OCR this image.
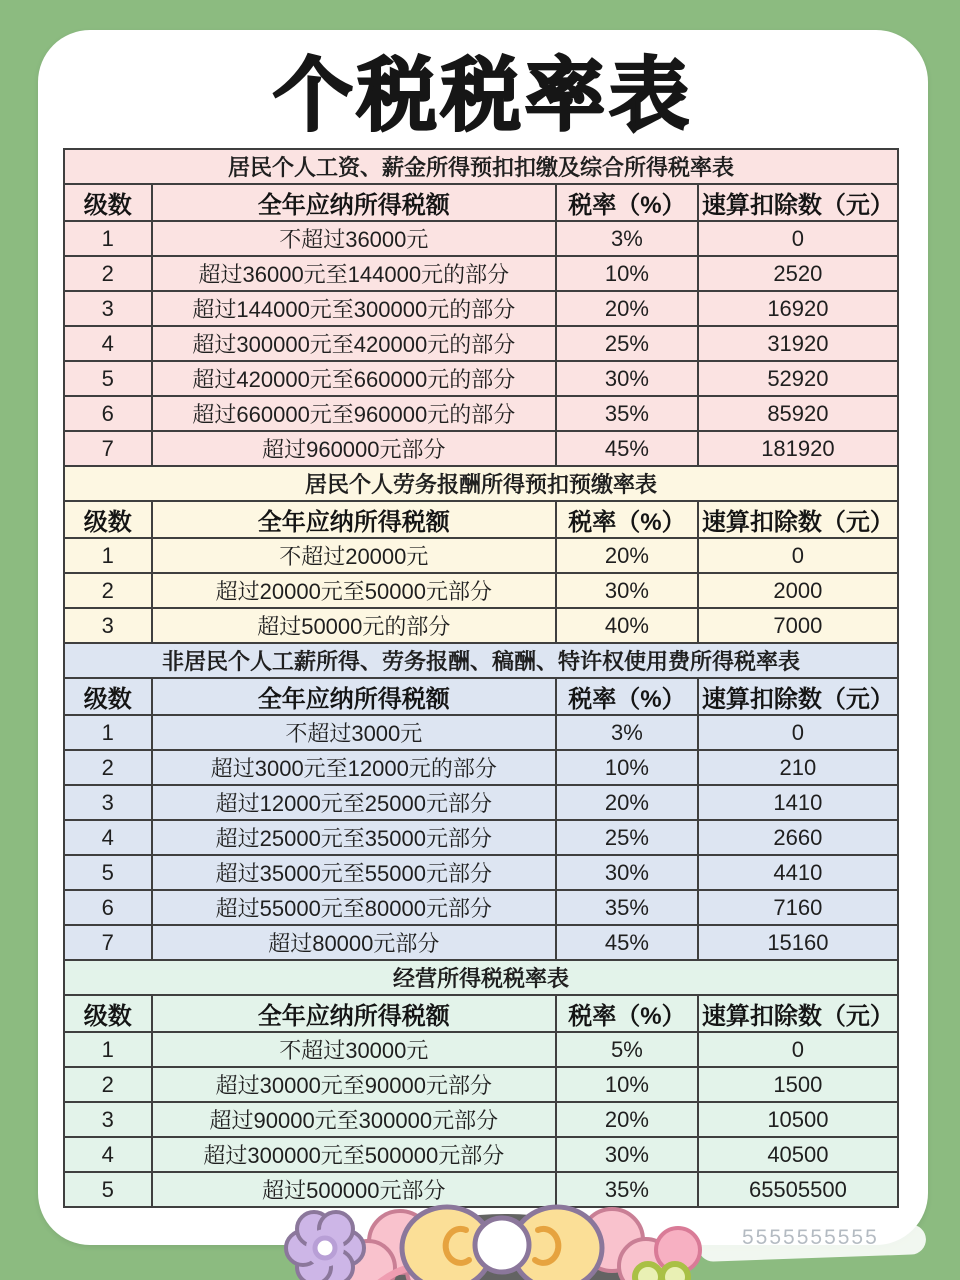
个税税率表
居民个人工资、薪金所得预扣扣缴及综合所得税率表			
级数	全年应纳所得税额	税率（%）	速算扣除数（元）
1	不超过36000元	3%	0
2	超过36000元至144000元的部分	10%	2520
3	超过144000元至300000元的部分	20%	16920
4	超过300000元至420000元的部分	25%	31920
5	超过420000元至660000元的部分	30%	52920
6	超过660000元至960000元的部分	35%	85920
7	超过960000元部分	45%	181920
居民个人劳务报酬所得预扣预缴率表			
级数	全年应纳所得税额	税率（%）	速算扣除数（元）
1	不超过20000元	20%	0
2	超过20000元至50000元部分	30%	2000
3	超过50000元的部分	40%	7000
非居民个人工薪所得、劳务报酬、稿酬、特许权使用费所得税率表			
级数	全年应纳所得税额	税率（%）	速算扣除数（元）
1	不超过3000元	3%	0
2	超过3000元至12000元的部分	10%	210
3	超过12000元至25000元部分	20%	1410
4	超过25000元至35000元部分	25%	2660
5	超过35000元至55000元部分	30%	4410
6	超过55000元至80000元部分	35%	7160
7	超过80000元部分	45%	15160
经营所得税税率表			
级数	全年应纳所得税额	税率（%）	速算扣除数（元）
1	不超过30000元	5%	0
2	超过30000元至90000元部分	10%	1500
3	超过90000元至300000元部分	20%	10500
4	超过300000元至500000元部分	30%	40500
5	超过500000元部分	35%	65505500
5555555555
